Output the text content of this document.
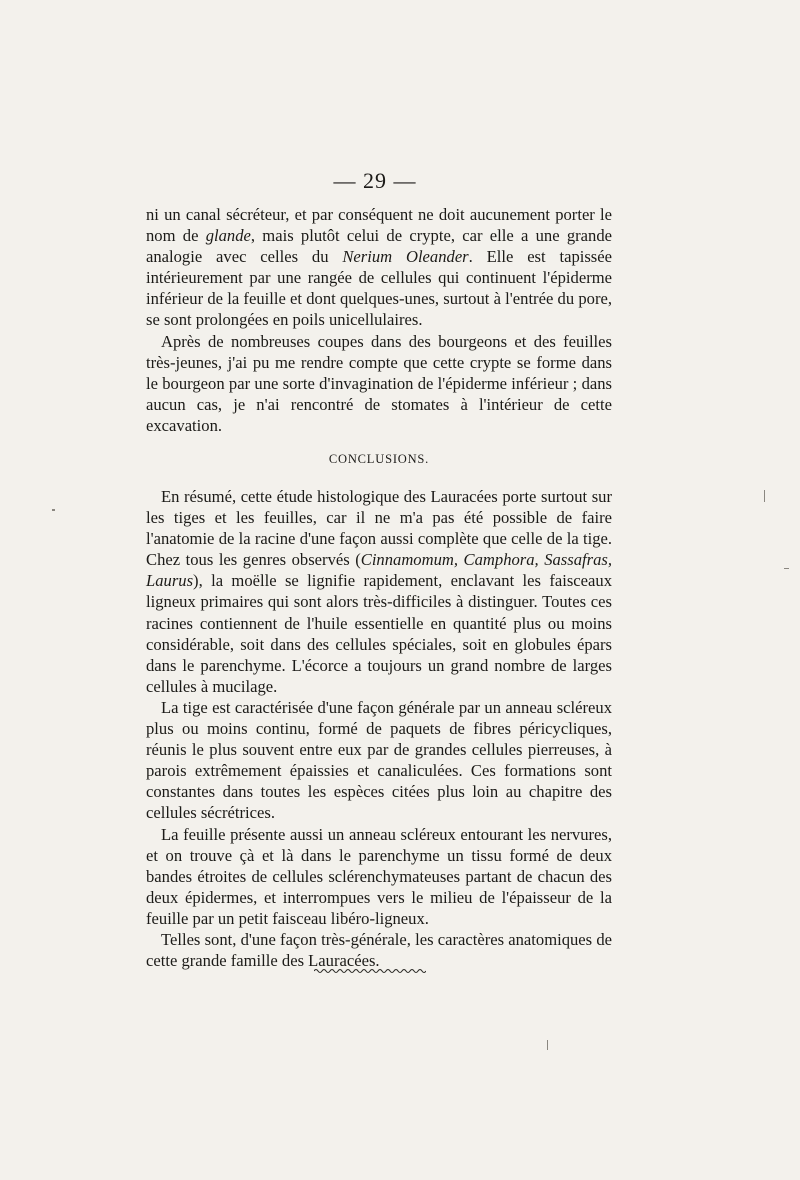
— 29 —

ni un canal sécréteur, et par conséquent ne doit aucunement porter le nom de glande, mais plutôt celui de crypte, car elle a une grande analogie avec celles du Nerium Oleander. Elle est tapissée intérieurement par une rangée de cellules qui continuent l'épiderme inférieur de la feuille et dont quelques-unes, surtout à l'entrée du pore, se sont prolongées en poils unicellulaires.

Après de nombreuses coupes dans des bourgeons et des feuilles très-jeunes, j'ai pu me rendre compte que cette crypte se forme dans le bourgeon par une sorte d'invagination de l'épiderme inférieur ; dans aucun cas, je n'ai rencontré de stomates à l'intérieur de cette excavation.

CONCLUSIONS.

En résumé, cette étude histologique des Lauracées porte surtout sur les tiges et les feuilles, car il ne m'a pas été possible de faire l'anatomie de la racine d'une façon aussi complète que celle de la tige. Chez tous les genres observés (Cinnamomum, Camphora, Sassafras, Laurus), la moëlle se lignifie rapidement, enclavant les faisceaux ligneux primaires qui sont alors très-difficiles à distinguer. Toutes ces racines contiennent de l'huile essentielle en quantité plus ou moins considérable, soit dans des cellules spéciales, soit en globules épars dans le parenchyme. L'écorce a toujours un grand nombre de larges cellules à mucilage.

La tige est caractérisée d'une façon générale par un anneau scléreux plus ou moins continu, formé de paquets de fibres péricycliques, réunis le plus souvent entre eux par de grandes cellules pierreuses, à parois extrêmement épaissies et canaliculées. Ces formations sont constantes dans toutes les espèces citées plus loin au chapitre des cellules sécrétrices.

La feuille présente aussi un anneau scléreux entourant les nervures, et on trouve çà et là dans le parenchyme un tissu formé de deux bandes étroites de cellules sclérenchymateuses partant de chacun des deux épidermes, et interrompues vers le milieu de l'épaisseur de la feuille par un petit faisceau libéro-ligneux.

Telles sont, d'une façon très-générale, les caractères anatomiques de cette grande famille des Lauracées.
